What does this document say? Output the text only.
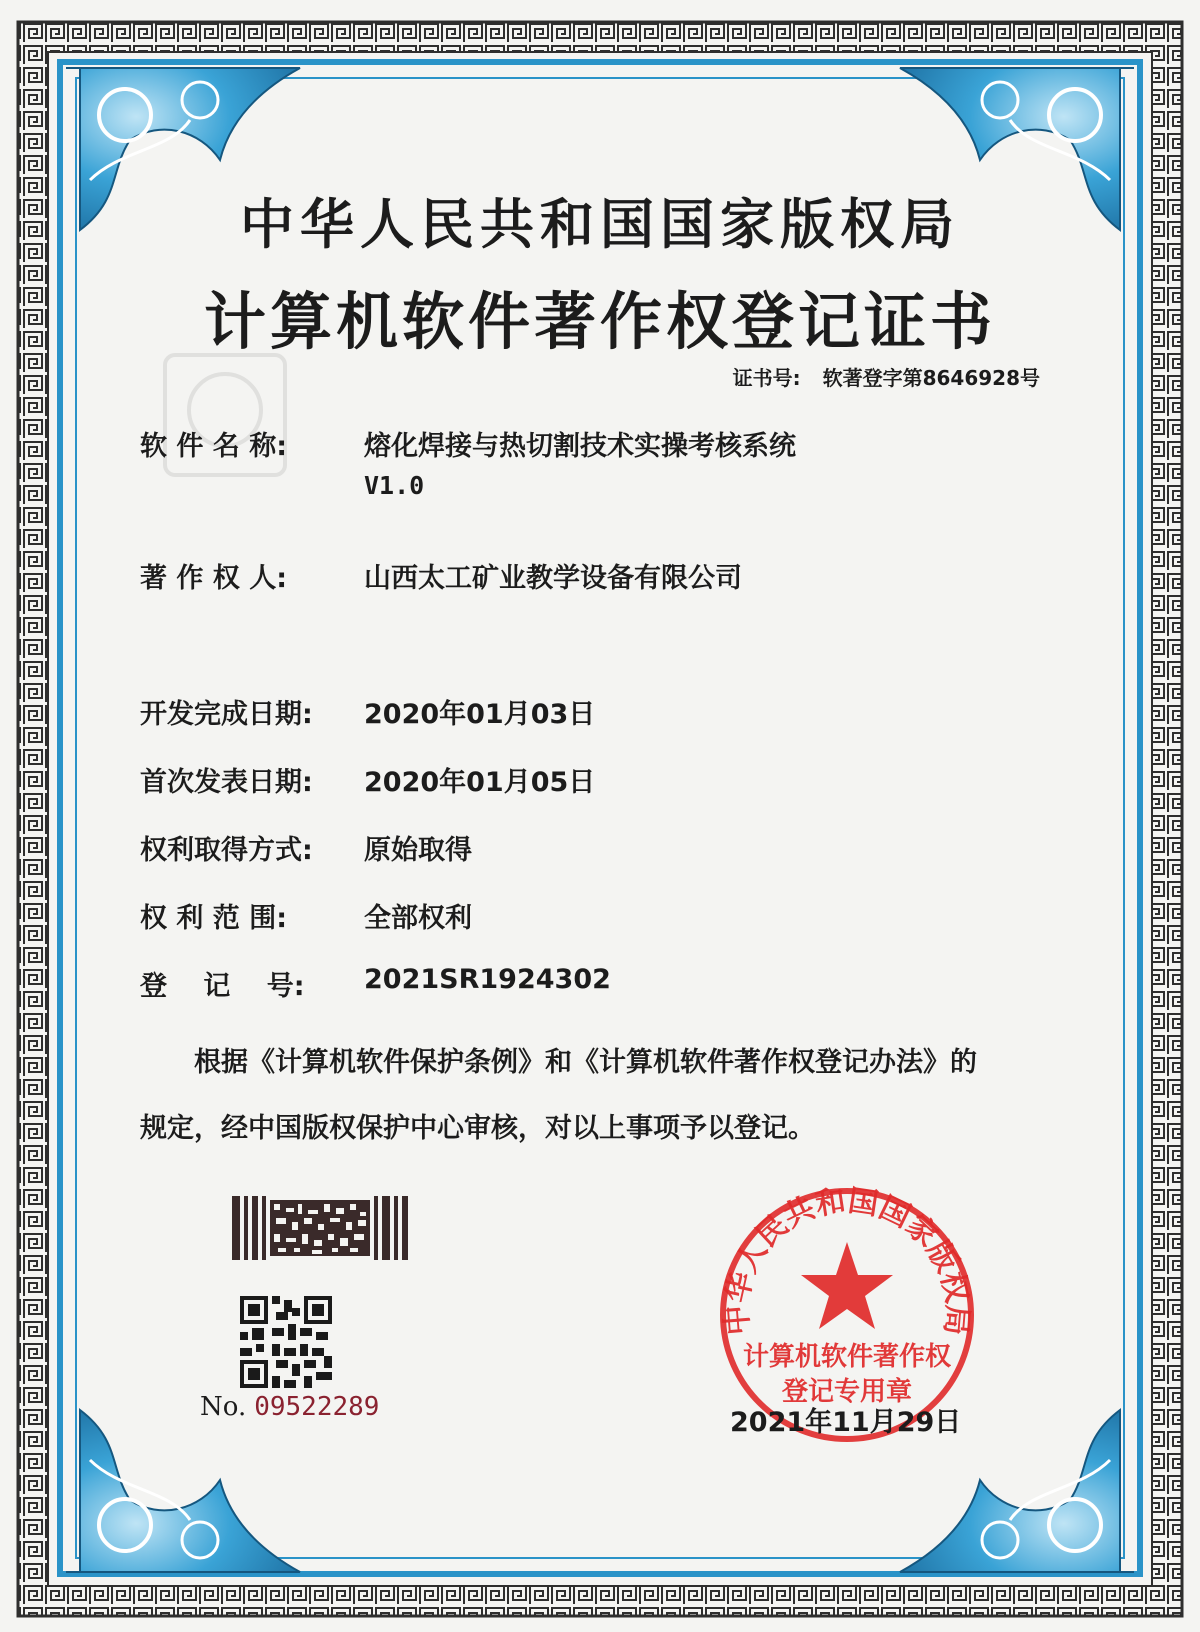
中华人民共和国国家版权局
计算机软件著作权登记证书
证书号: 软著登字第8646928号
软 件 名 称:	熔化焊接与热切割技术实操考核系统
V1.0
著 作 权 人:	山西太工矿业教学设备有限公司
开发完成日期:	2020年01月03日
首次发表日期:	2020年01月05日
权利取得方式:	原始取得
权 利 范 围:	全部权利
登　 记　 号:	2021SR1924302
根据《计算机软件保护条例》和《计算机软件著作权登记办法》的
规定，经中国版权保护中心审核，对以上事项予以登记。
No. 09522289
中华人民共和国国家版权局
计算机软件著作权
登记专用章
2021年11月29日
